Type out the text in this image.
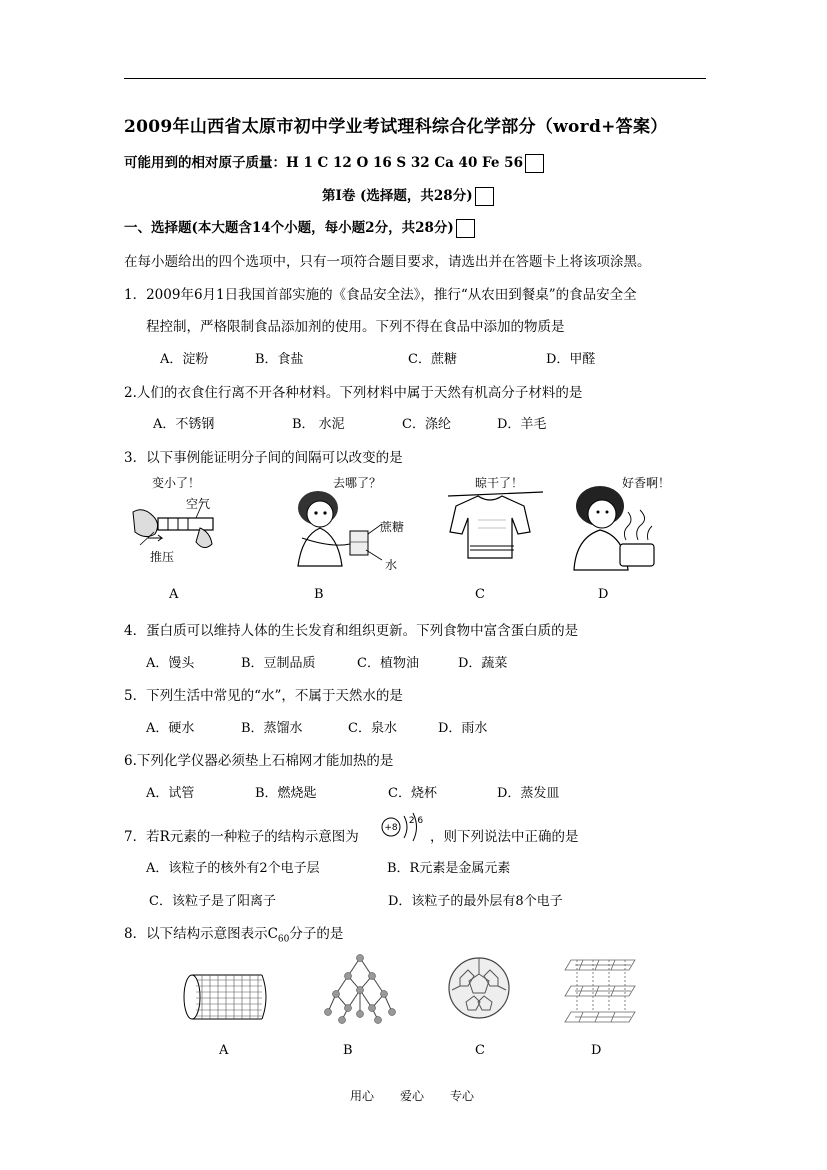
2009年山西省太原市初中学业考试理科综合化学部分（word+答案）
可能用到的相对原子质量：H 1 C 12 O 16 S 32 Ca 40 Fe 56
第Ⅰ卷 (选择题，共28分)
一、选择题(本大题含14个小题，每小题2分，共28分)
在每小题给出的四个选项中，只有一项符合题目要求，请选出并在答题卡上将该项涂黑。
1．2009年6月1日我国首部实施的《食品安全法》，推行“从农田到餐桌”的食品安全全
程控制，严格限制食品添加剂的使用。下列不得在食品中添加的物质是
A．淀粉	B．食盐	C．蔗糖	D．甲醛
2.人们的衣食住行离不开各种材料。下列材料中属于天然有机高分子材料的是
A．不锈钢	B． 水泥	C．涤纶	D．羊毛
3．以下事例能证明分子间的间隔可以改变的是
变小了！	去哪了？	晾干了！	好香啊！
空气
推压
蔗糖
水
A	B	C	D
4．蛋白质可以维持人体的生长发育和组织更新。下列食物中富含蛋白质的是
A．馒头	B．豆制品质	C．植物油	D．蔬菜
5．下列生活中常见的“水”，不属于天然水的是
A．硬水	B．蒸馏水	C．泉水	D．雨水
6.下列化学仪器必须垫上石棉网才能加热的是
A．试管	B．燃烧匙	C．烧杯	D．蒸发皿
7．若R元素的一种粒子的结构示意图为
+8
2 6
，则下列说法中正确的是
A．该粒子的核外有2个电子层	B．R元素是金属元素
C．该粒子是了阳离子	D．该粒子的最外层有8个电子
8．以下结构示意图表示$C_{60}$分子的是
A	B	C	D
用心 爱心 专心
